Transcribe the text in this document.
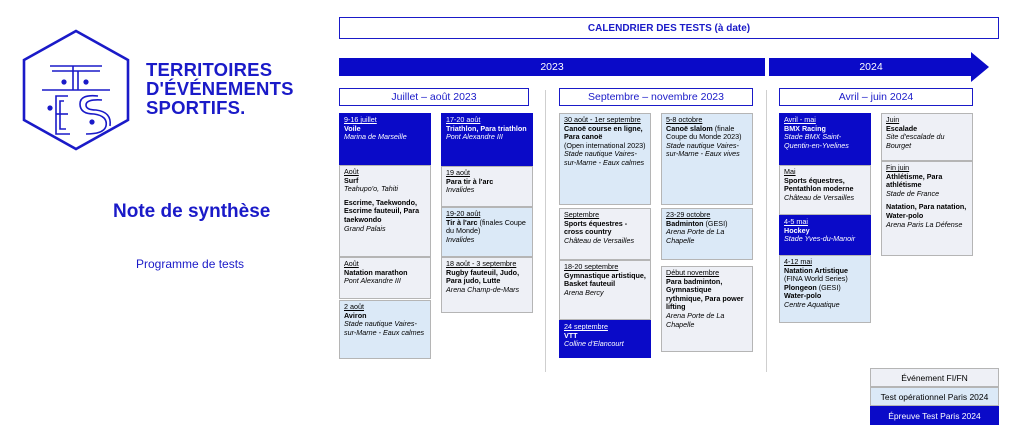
TERRITOIRES
D'ÉVÉNEMENTS
SPORTIFS.
Note de synthèse
Programme de tests
CALENDRIER DES TESTS (à date)
2023	2024
Juillet – août 2023	Septembre – novembre 2023	Avril – juin 2024
9-16 juillet
Voile
Marina de Marseille
Août
Surf
Teahupo'o, Tahiti
Escrime, Taekwondo, Escrime fauteuil, Para taekwondo
Grand Palais
Août
Natation marathon
Pont Alexandre III
2 août
Aviron
Stade nautique Vaires-sur-Marne - Eaux calmes
17-20 août
Triathlon, Para triathlon
Pont Alexandre III
19 août
Para tir à l'arc
Invalides
19-20 août
Tir à l'arc (finales Coupe du Monde)
Invalides
18 août - 3 septembre
Rugby fauteuil, Judo, Para judo, Lutte
Arena Champ-de-Mars
30 août - 1er septembre
Canoë course en ligne, Para canoë
(Open international 2023)
Stade nautique Vaires-sur-Marne - Eaux calmes
Septembre
Sports équestres - cross country
Château de Versailles
18-20 septembre
Gymnastique artistique, Basket fauteuil
Arena Bercy
24 septembre
VTT
Colline d'Elancourt
5-8 octobre
Canoë slalom (finale Coupe du Monde 2023)
Stade nautique Vaires-sur-Marne - Eaux vives
23-29 octobre
Badminton (GESI)
Arena Porte de La Chapelle
Début novembre
Para badminton, Gymnastique rythmique, Para power lifting
Arena Porte de La Chapelle
Avril - mai
BMX Racing
Stade BMX Saint-Quentin-en-Yvelines
Mai
Sports équestres, Pentathlon moderne
Château de Versailles
4-5 mai
Hockey
Stade Yves-du-Manoir
4-12 mai
Natation Artistique
(FINA World Series)
Plongeon (GESI)
Water-polo
Centre Aquatique
Juin
Escalade
Site d'escalade du Bourget
Fin juin
Athlétisme, Para athlétisme
Stade de France
Natation, Para natation, Water-polo
Arena Paris La Défense
Événement FI/FN
Test opérationnel Paris 2024
Épreuve Test Paris 2024
